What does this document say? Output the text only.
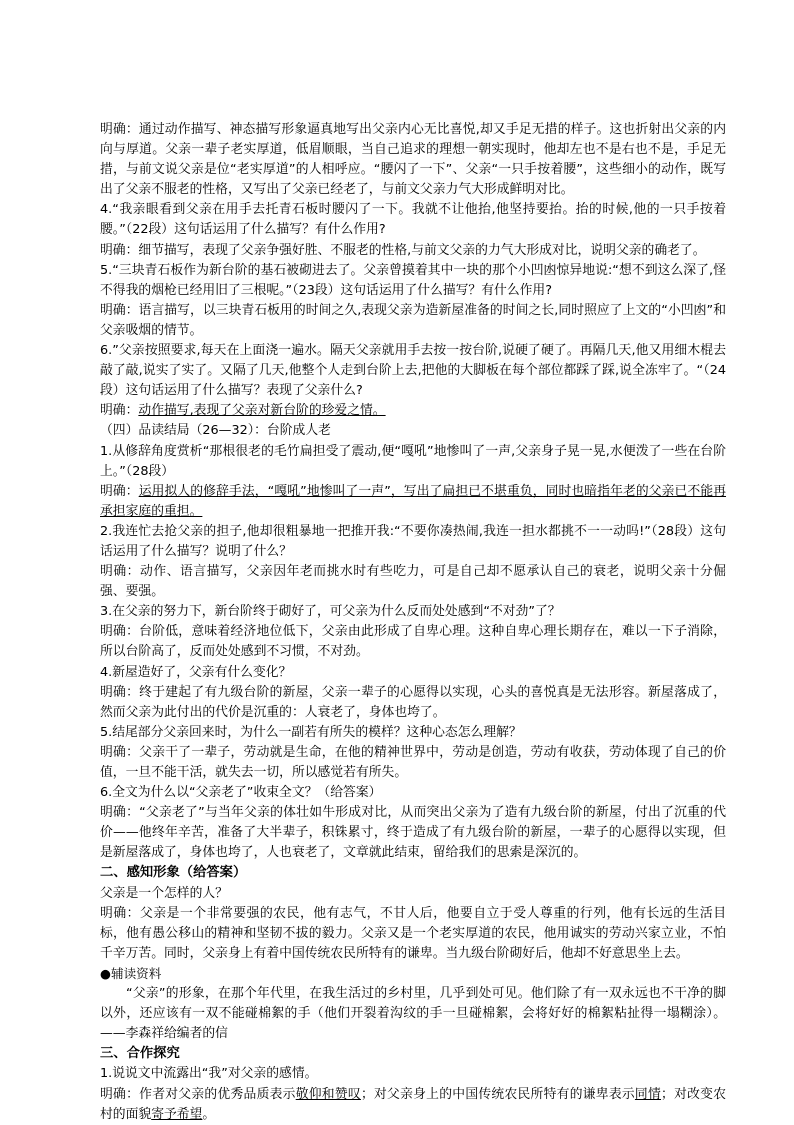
明确：通过动作描写、神态描写形象逼真地写出父亲内心无比喜悦,却又手足无措的样子。这也折射出父亲的内向与厚道。父亲一辈子老实厚道，低眉顺眼，当自己追求的理想一朝实现时，他却左也不是右也不是，手足无措，与前文说父亲是位“老实厚道”的人相呼应。“腰闪了一下”、父亲“一只手按着腰”，这些细小的动作，既写出了父亲不服老的性格，又写出了父亲已经老了，与前文父亲力气大形成鲜明对比。

4.“我亲眼看到父亲在用手去托青石板时腰闪了一下。我就不让他抬,他坚持要抬。抬的时候,他的一只手按着腰。”（22段）这句话运用了什么描写？有什么作用?

明确：细节描写，表现了父亲争强好胜、不服老的性格,与前文父亲的力气大形成对比，说明父亲的确老了。

5.“三块青石板作为新台阶的基石被砌进去了。父亲曾摸着其中一块的那个小凹凼惊异地说:“想不到这么深了,怪不得我的烟枪已经用旧了三根呢。”（23段）这句话运用了什么描写？有什么作用?

明确：语言描写，以三块青石板用的时间之久,表现父亲为造新屋准备的时间之长,同时照应了上文的“小凹凼”和父亲吸烟的情节。

6.”父亲按照要求,每天在上面浇一遍水。隔天父亲就用手去按一按台阶,说硬了硬了。再隔几天,他又用细木棍去敲了敲,说实了实了。又隔了几天,他整个人走到台阶上去,把他的大脚板在每个部位都踩了踩,说全冻牢了。“（24段）这句话运用了什么描写？表现了父亲什么?

明确：动作描写,表现了父亲对新台阶的珍爱之情。

（四）品读结局（26—32）：台阶成人老

1.从修辞角度赏析“那根很老的毛竹扁担受了震动,便“嘎吼”地惨叫了一声,父亲身子晃一晃,水便泼了一些在台阶上。”（28段）

明确：运用拟人的修辞手法，“嘎吼”地惨叫了一声”，写出了扁担已不堪重负，同时也暗指年老的父亲已不能再承担家庭的重担。

2.我连忙去抢父亲的担子,他却很粗暴地一把推开我:“不要你凑热闹,我连一担水都挑不一一动吗!”（28段）这句话运用了什么描写？说明了什么？

明确：动作、语言描写，父亲因年老而挑水时有些吃力，可是自己却不愿承认自己的衰老，说明父亲十分倔强、要强。

3.在父亲的努力下，新台阶终于砌好了，可父亲为什么反而处处感到“不对劲”了？

明确：台阶低，意味着经济地位低下，父亲由此形成了自卑心理。这种自卑心理长期存在，难以一下子消除，所以台阶高了，反而处处感到不习惯，不对劲。

4.新屋造好了，父亲有什么变化？

明确：终于建起了有九级台阶的新屋，父亲一辈子的心愿得以实现，心头的喜悦真是无法形容。新屋落成了，然而父亲为此付出的代价是沉重的：人衰老了，身体也垮了。

5.结尾部分父亲回来时，为什么一副若有所失的模样？这种心态怎么理解？

明确：父亲干了一辈子，劳动就是生命，在他的精神世界中，劳动是创造，劳动有收获，劳动体现了自己的价值，一旦不能干活，就失去一切，所以感觉若有所失。

6.全文为什么以“父亲老了”收束全文？（给答案）

明确：“父亲老了”与当年父亲的体壮如牛形成对比，从而突出父亲为了造有九级台阶的新屋，付出了沉重的代价——他终年辛苦，准备了大半辈子，积铢累寸，终于造成了有九级台阶的新屋，一辈子的心愿得以实现，但是新屋落成了，身体也垮了，人也衰老了，文章就此结束，留给我们的思索是深沉的。

二、感知形象（给答案）

父亲是一个怎样的人？

明确：父亲是一个非常要强的农民，他有志气，不甘人后，他要自立于受人尊重的行列，他有长远的生活目标，他有愚公移山的精神和坚韧不拔的毅力。父亲又是一个老实厚道的农民，他用诚实的劳动兴家立业，不怕千辛万苦。同时，父亲身上有着中国传统农民所特有的谦卑。当九级台阶砌好后，他却不好意思坐上去。

●辅读资料

“父亲”的形象，在那个年代里，在我生活过的乡村里，几乎到处可见。他们除了有一双永远也不干净的脚以外，还应该有一双不能碰棉絮的手（他们开裂着沟纹的手一旦碰棉絮，会将好好的棉絮粘扯得一塌糊涂）。——李森祥给编者的信

三、合作探究

1.说说文中流露出“我”对父亲的感情。

明确：作者对父亲的优秀品质表示敬仰和赞叹；对父亲身上的中国传统农民所特有的谦卑表示同情；对改变农村的面貌寄予希望。
